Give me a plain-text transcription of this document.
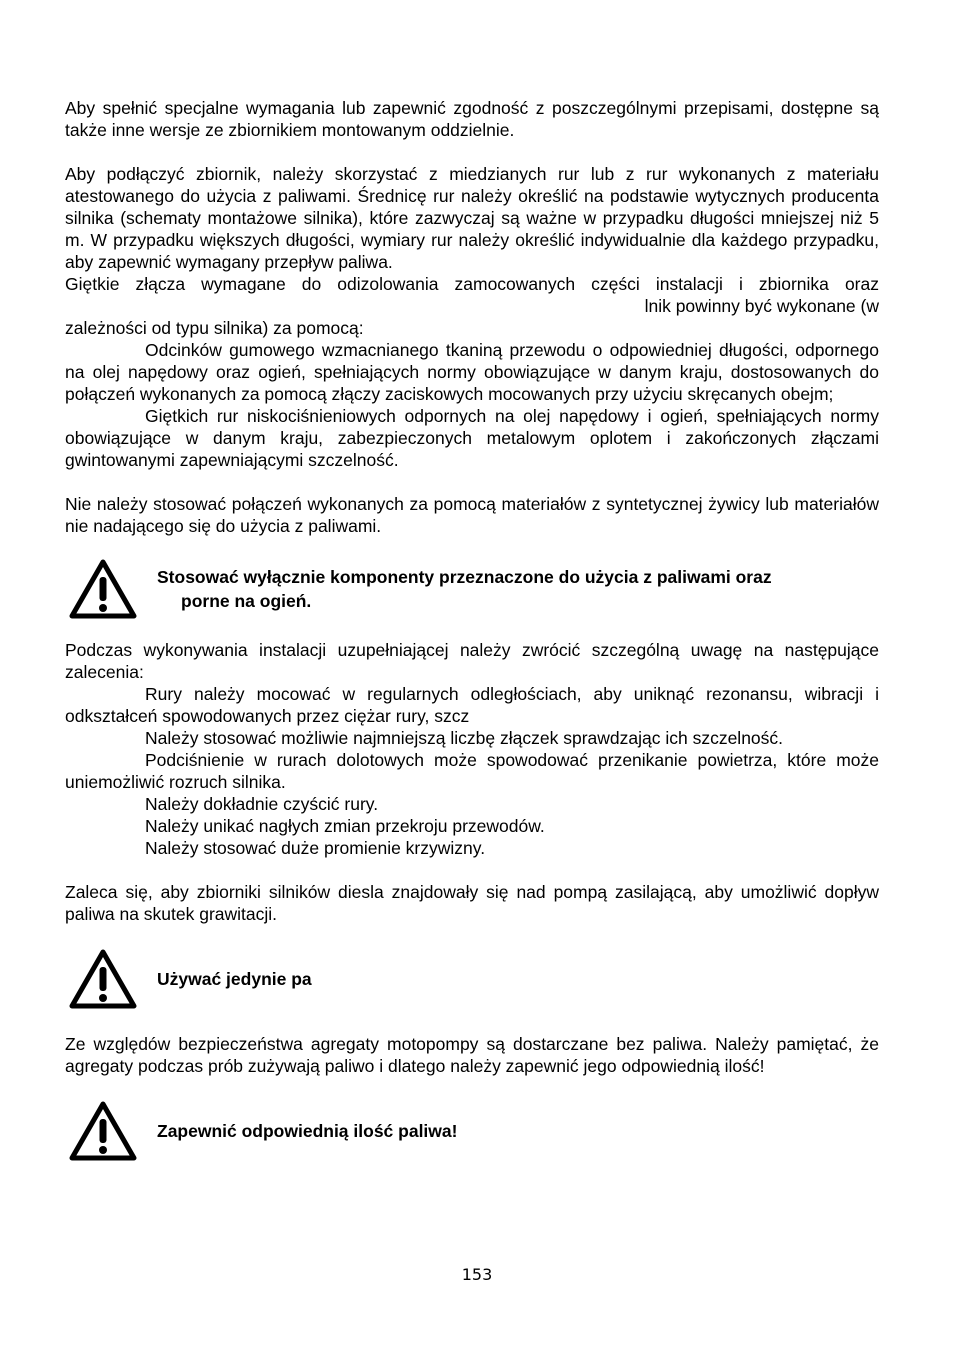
Aby spełnić specjalne wymagania lub zapewnić zgodność z poszczególnymi przepisami, dostępne są także inne wersje ze zbiornikiem montowanym oddzielnie.

Aby podłączyć zbiornik, należy skorzystać z miedzianych rur lub z rur wykonanych z materiału atestowanego do użycia z paliwami. Średnicę rur należy określić na podstawie wytycznych producenta silnika (schematy montażowe silnika), które zazwyczaj są ważne w przypadku długości mniejszej niż 5 m. W przypadku większych długości, wymiary rur należy określić indywidualnie dla każdego przypadku, aby zapewnić wymagany przepływ paliwa.

Giętkie złącza wymagane do odizolowania zamocowanych części instalacji i zbiornika oraz

lnik powinny być wykonane (w

zależności od typu silnika) za pomocą:

Odcinków gumowego wzmacnianego tkaniną przewodu o odpowiedniej długości, odpornego na olej napędowy oraz ogień, spełniających normy obowiązujące w danym kraju, dostosowanych do połączeń wykonanych za pomocą złączy zaciskowych mocowanych przy użyciu skręcanych obejm;

Giętkich rur niskociśnieniowych odpornych na olej napędowy i ogień, spełniających normy obowiązujące w danym kraju, zabezpieczonych metalowym oplotem i zakończonych złączami gwintowanymi zapewniającymi szczelność.

Nie należy stosować połączeń wykonanych za pomocą materiałów z syntetycznej żywicy lub materiałów nie nadającego się do użycia z paliwami.

Stosować wyłącznie komponenty przeznaczone do użycia z paliwami oraz
porne na ogień.

Podczas wykonywania instalacji uzupełniającej należy zwrócić szczególną uwagę na następujące zalecenia:

Rury należy mocować w regularnych odległościach, aby uniknąć rezonansu, wibracji i odkształceń spowodowanych przez ciężar rury, szcz

Należy stosować możliwie najmniejszą liczbę złączek sprawdzając ich szczelność.

Podciśnienie w rurach dolotowych może spowodować przenikanie powietrza, które może uniemożliwić rozruch silnika.

Należy dokładnie czyścić rury.

Należy unikać nagłych zmian przekroju przewodów.

Należy stosować duże promienie krzywizny.

Zaleca się, aby zbiorniki silników diesla znajdowały się nad pompą zasilającą, aby umożliwić dopływ paliwa na skutek grawitacji.

Używać jedynie pa

Ze względów bezpieczeństwa agregaty motopompy są dostarczane bez paliwa. Należy pamiętać, że agregaty podczas prób zużywają paliwo i dlatego należy zapewnić jego odpowiednią ilość!

Zapewnić odpowiednią ilość paliwa!
153
